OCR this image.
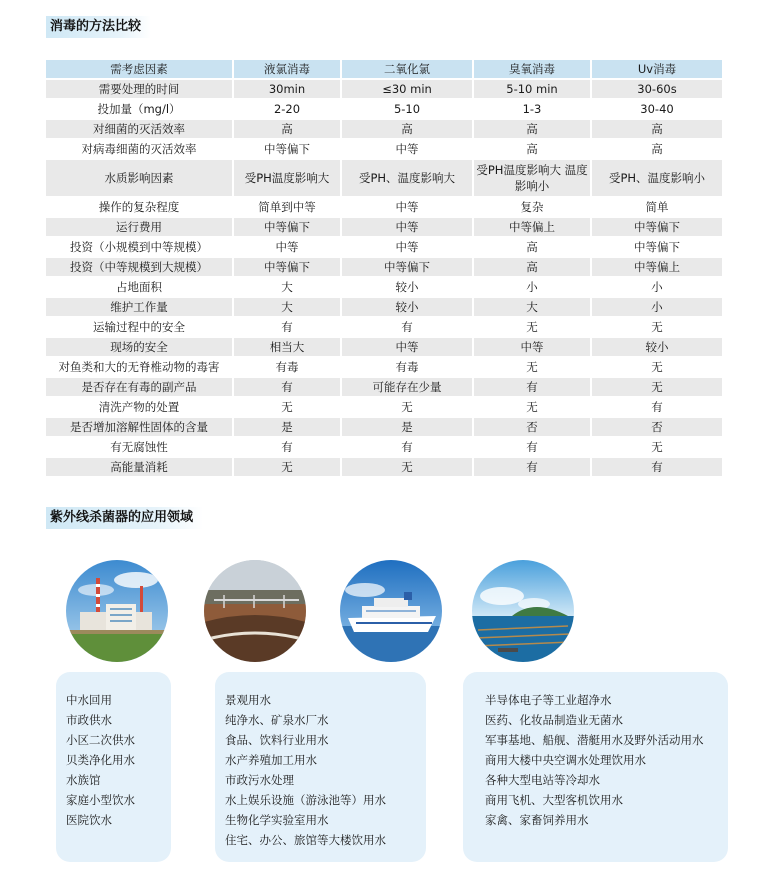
消毒的方法比较
需考虑因素	液氯消毒	二氧化氯	臭氧消毒	Uv消毒
需要处理的时间	30min	≤30 min	5-10 min	30-60s
投加量（mg/l）	2-20	5-10	1-3	30-40
对细菌的灭活效率	高	高	高	高
对病毒细菌的灭活效率	中等偏下	中等	高	高
水质影响因素	受PH温度影响大	受PH、温度影响大	受PH温度影响大 温度影响小	受PH、温度影响小
操作的复杂程度	简单到中等	中等	复杂	简单
运行费用	中等偏下	中等	中等偏上	中等偏下
投资（小规模到中等规模）	中等	中等	高	中等偏下
投资（中等规模到大规模）	中等偏下	中等偏下	高	中等偏上
占地面积	大	较小	小	小
维护工作量	大	较小	大	小
运输过程中的安全	有	有	无	无
现场的安全	相当大	中等	中等	较小
对鱼类和大的无脊椎动物的毒害	有毒	有毒	无	无
是否存在有毒的副产品	有	可能存在少量	有	无
清洗产物的处置	无	无	无	有
是否增加溶解性固体的含量	是	是	否	否
有无腐蚀性	有	有	有	无
高能量消耗	无	无	有	有
紫外线杀菌器的应用领域
中水回用
市政供水
小区二次供水
贝类净化用水
水族馆
家庭小型饮水
医院饮水
景观用水
纯净水、矿泉水厂水
食品、饮料行业用水
水产养殖加工用水
市政污水处理
水上娱乐设施（游泳池等）用水
生物化学实验室用水
住宅、办公、旅馆等大楼饮用水
半导体电子等工业超净水
医药、化妆品制造业无菌水
军事基地、船舰、潜艇用水及野外活动用水
商用大楼中央空调水处理饮用水
各种大型电站等冷却水
商用飞机、大型客机饮用水
家禽、家畜饲养用水
